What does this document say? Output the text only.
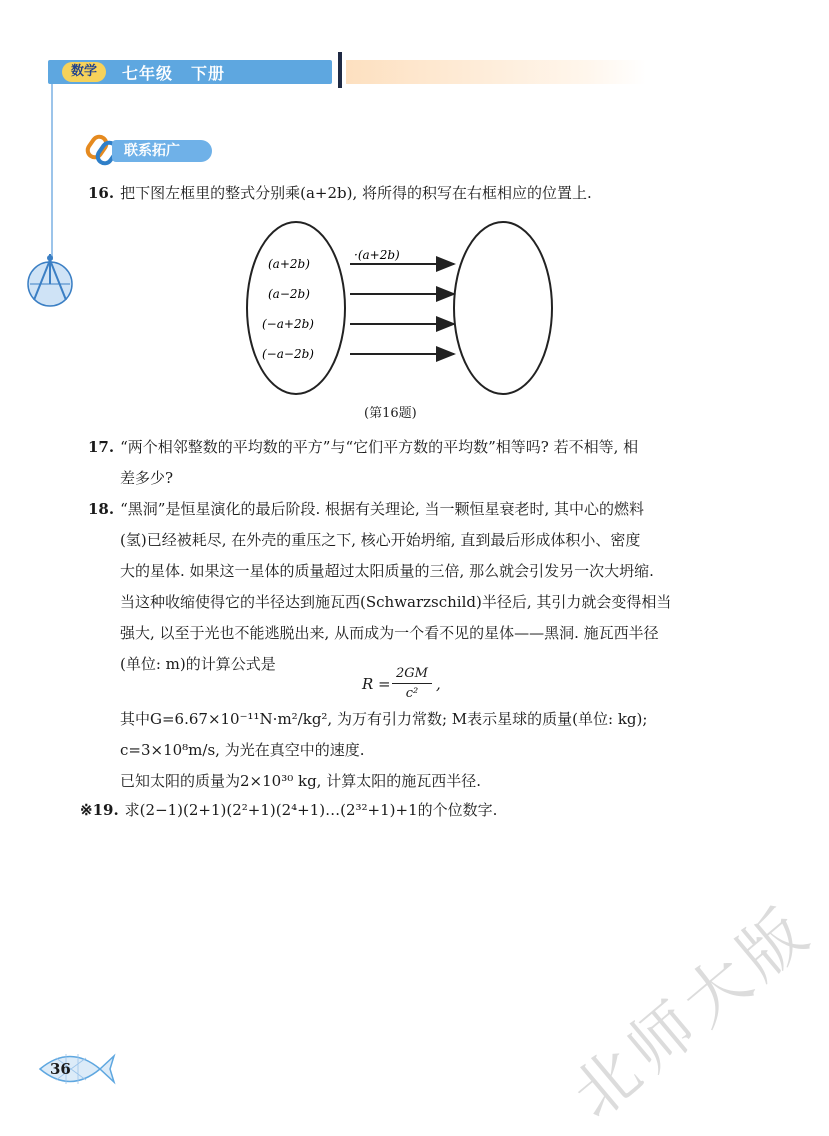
数学	七年级 下册
联系拓广
16. 把下图左框里的整式分别乘(a+2b), 将所得的积写在右框相应的位置上.
·(a+2b)
(a+2b)
(a−2b)
(−a+2b)
(−a−2b)
(第16题)
17. “两个相邻整数的平均数的平方”与“它们平方数的平均数”相等吗? 若不相等, 相
差多少?
18. “黑洞”是恒星演化的最后阶段. 根据有关理论, 当一颗恒星衰老时, 其中心的燃料
(氢)已经被耗尽, 在外壳的重压之下, 核心开始坍缩, 直到最后形成体积小、密度
大的星体. 如果这一星体的质量超过太阳质量的三倍, 那么就会引发另一次大坍缩.
当这种收缩使得它的半径达到施瓦西(Schwarzschild)半径后, 其引力就会变得相当
强大, 以至于光也不能逃脱出来, 从而成为一个看不见的星体——黑洞. 施瓦西半径
(单位: m)的计算公式是
R =
2GM
c²
,
其中G=6.67×10⁻¹¹N·m²/kg², 为万有引力常数; M表示星球的质量(单位: kg);
c=3×10⁸m/s, 为光在真空中的速度.
已知太阳的质量为2×10³⁰ kg, 计算太阳的施瓦西半径.
※19. 求(2−1)(2+1)(2²+1)(2⁴+1)…(2³²+1)+1的个位数字.
36	北师大版
